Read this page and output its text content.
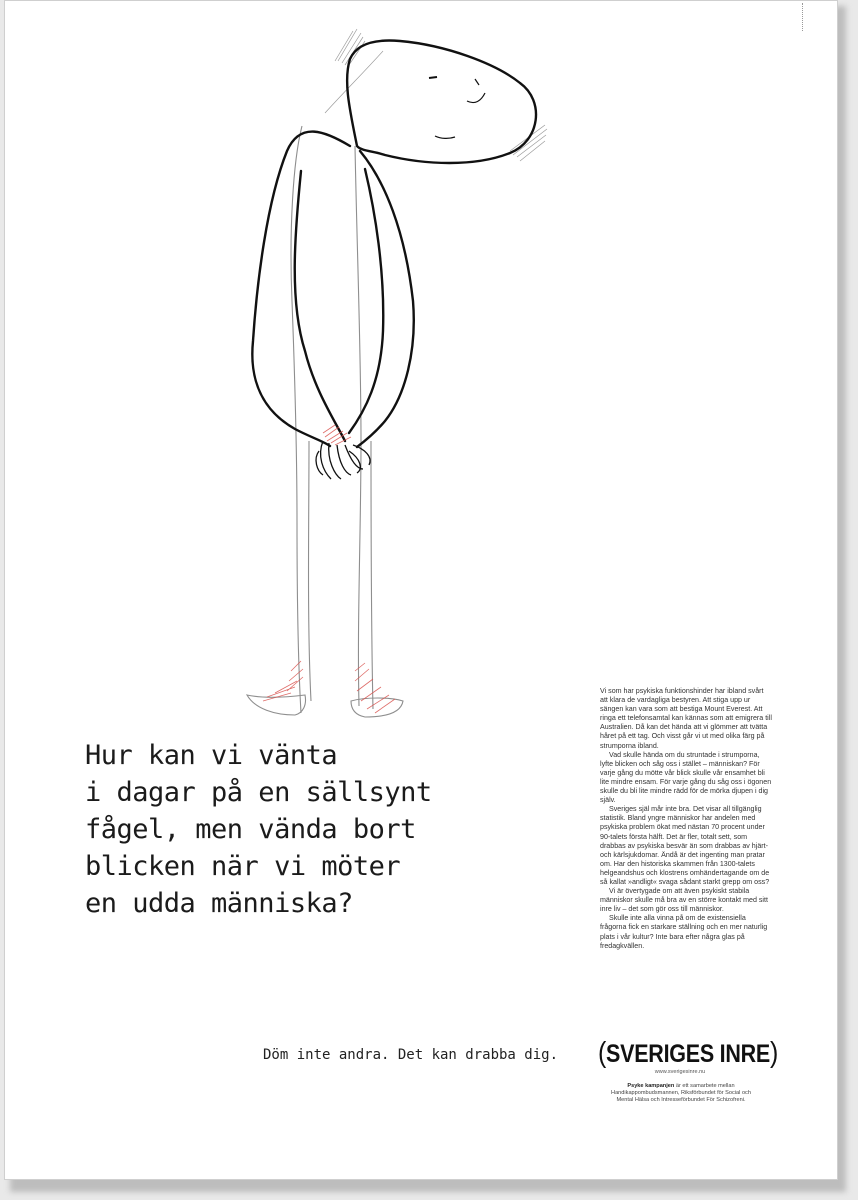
Hur kan vi vänta
i dagar på en sällsynt
fågel, men vända bort
blicken när vi möter
en udda människa?

Vi som har psykiska funktionshinder har ibland svårt att klara de vardagliga bestyren. Att stiga upp ur sängen kan vara som att bestiga Mount Everest. Att ringa ett telefonsamtal kan kännas som att emigrera till Australien. Då kan det hända att vi glömmer att tvätta håret på ett tag. Och visst går vi ut med olika färg på strumporna ibland.

Vad skulle hända om du struntade i strumporna, lyfte blicken och såg oss i stället – människan? För varje gång du mötte vår blick skulle vår ensamhet bli lite mindre ensam. För varje gång du såg oss i ögonen skulle du bli lite mindre rädd för de mörka djupen i dig själv.

Sveriges själ mår inte bra. Det visar all tillgänglig statistik. Bland yngre människor har andelen med psykiska problem ökat med nästan 70 procent under 90-talets första hälft. Det är fler, totalt sett, som drabbas av psykiska besvär än som drabbas av hjärt- och kärlsjukdomar. Ändå är det ingenting man pratar om. Har den historiska skammen från 1300-talets helgeandshus och klostrens omhändertagande om de så kallat »andligt« svaga sådant starkt grepp om oss?

Vi är övertygade om att även psykiskt stabila människor skulle må bra av en större kontakt med sitt inre liv – det som gör oss till människor.

Skulle inte alla vinna på om de existensiella frågorna fick en starkare ställning och en mer naturlig plats i vår kultur? Inte bara efter några glas på fredagkvällen.

Döm inte andra. Det kan drabba dig. (SVERIGES INRE)
www.sverigesinre.nu
Psyke kampanjen är ett samarbete mellan Handikappombudsmannen, Riksförbundet för Social och Mental Hälsa och Intresseförbundet För Schizofreni.
